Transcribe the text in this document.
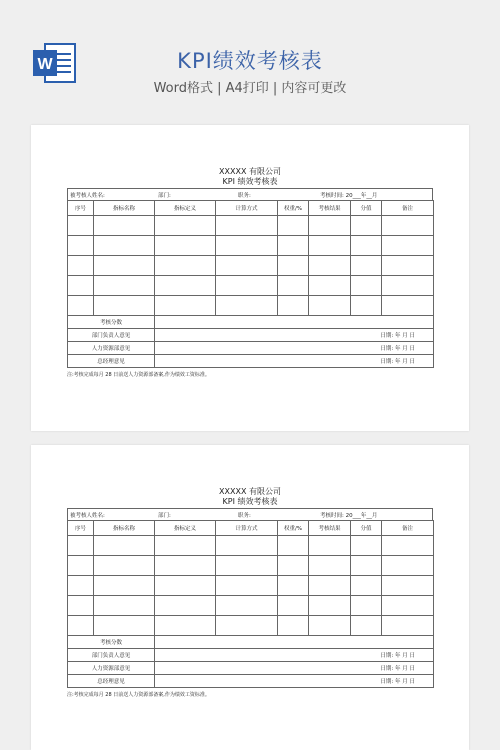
W	KPI绩效考核表
Word格式 | A4打印 | 内容可更改
XXXXX 有限公司
KPI 绩效考核表
被考核人姓名:	部门:	职务:	考核时间: 20___年__月
序号	指标名称	指标定义	计算方式	权重/%	考核结果	分值	备注

考核分数							
部门负责人意见		日期: 年 月 日					
人力资源部意见		日期: 年 月 日					
总经理意见		日期: 年 月 日					
注:考核完成每月 28 日前送人力资源部备案,作为绩效工资标准。
XXXXX 有限公司
KPI 绩效考核表
被考核人姓名:	部门:	职务:	考核时间: 20___年__月
序号	指标名称	指标定义	计算方式	权重/%	考核结果	分值	备注

考核分数							
部门负责人意见		日期: 年 月 日					
人力资源部意见		日期: 年 月 日					
总经理意见		日期: 年 月 日					
注:考核完成每月 28 日前送人力资源部备案,作为绩效工资标准。
